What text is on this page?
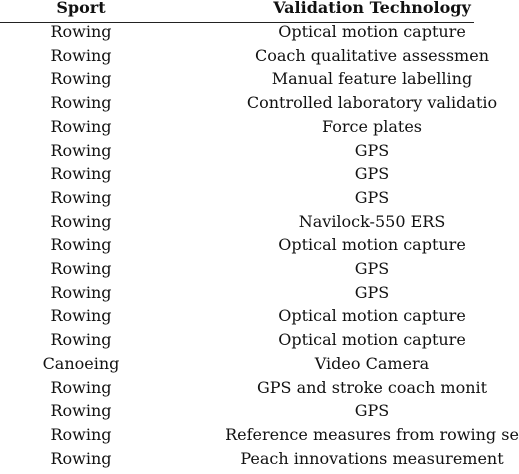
Sport	Validation Technology
Rowing	Optical motion capture
Rowing	Coach qualitative assessmen
Rowing	Manual feature labelling
Rowing	Controlled laboratory validatio
Rowing	Force plates
Rowing	GPS
Rowing	GPS
Rowing	GPS
Rowing	Navilock-550 ERS
Rowing	Optical motion capture
Rowing	GPS
Rowing	GPS
Rowing	Optical motion capture
Rowing	Optical motion capture
Canoeing	Video Camera
Rowing	GPS and stroke coach monit
Rowing	GPS
Rowing	Reference measures from rowing se
Rowing	Peach innovations measurement
